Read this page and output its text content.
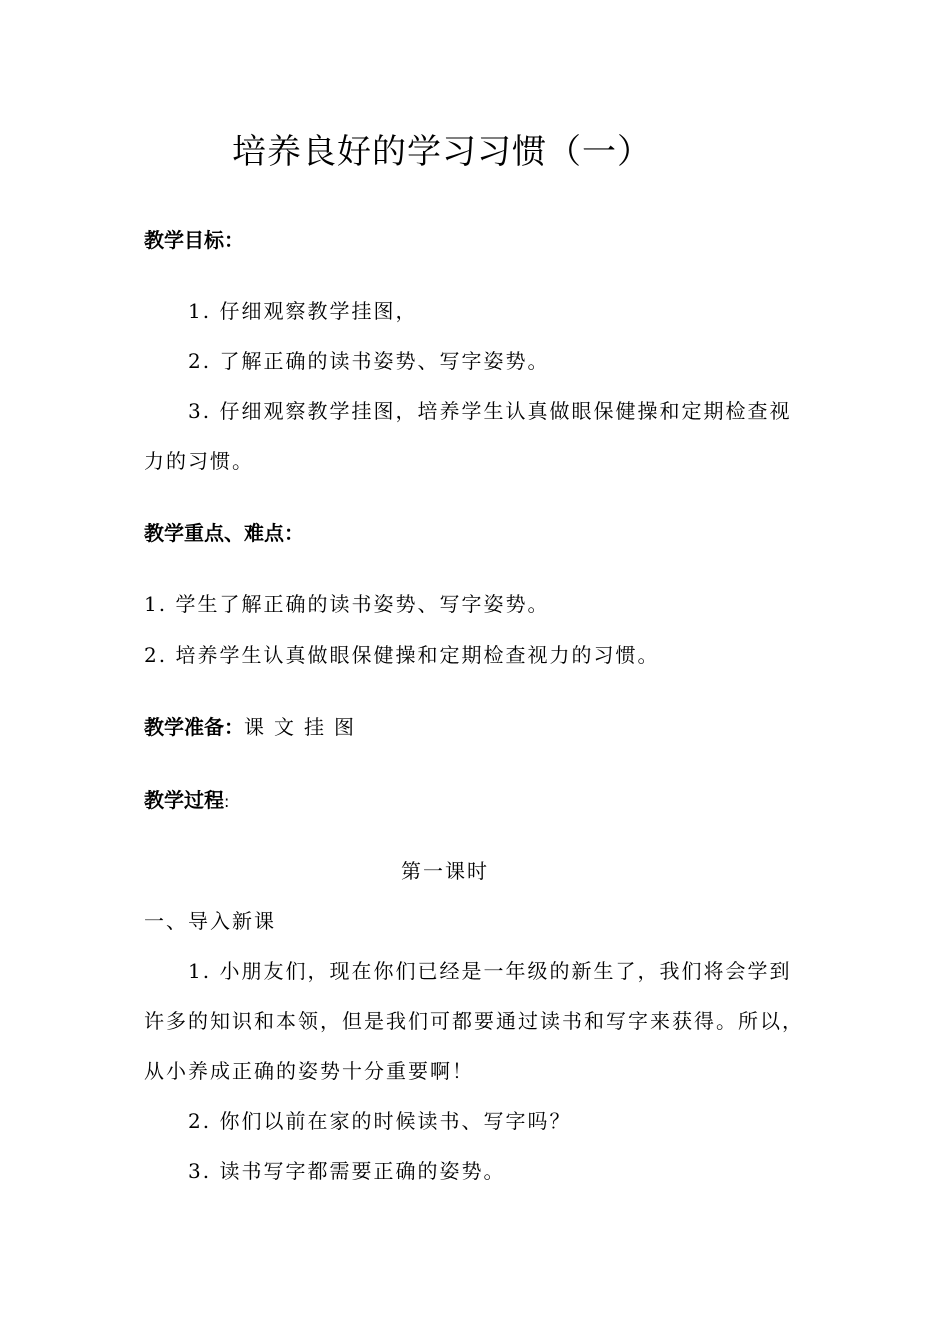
培养良好的学习习惯（一）
教学目标：
1. 仔细观察教学挂图，
2. 了解正确的读书姿势、写字姿势。
3. 仔细观察教学挂图，培养学生认真做眼保健操和定期检查视
力的习惯。
教学重点、难点：
1. 学生了解正确的读书姿势、写字姿势。
2. 培养学生认真做眼保健操和定期检查视力的习惯。
教学准备：课文挂图
教学过程:
第一课时
一、导入新课
1. 小朋友们，现在你们已经是一年级的新生了，我们将会学到
许多的知识和本领，但是我们可都要通过读书和写字来获得。所以，
从小养成正确的姿势十分重要啊！
2. 你们以前在家的时候读书、写字吗？
3. 读书写字都需要正确的姿势。
